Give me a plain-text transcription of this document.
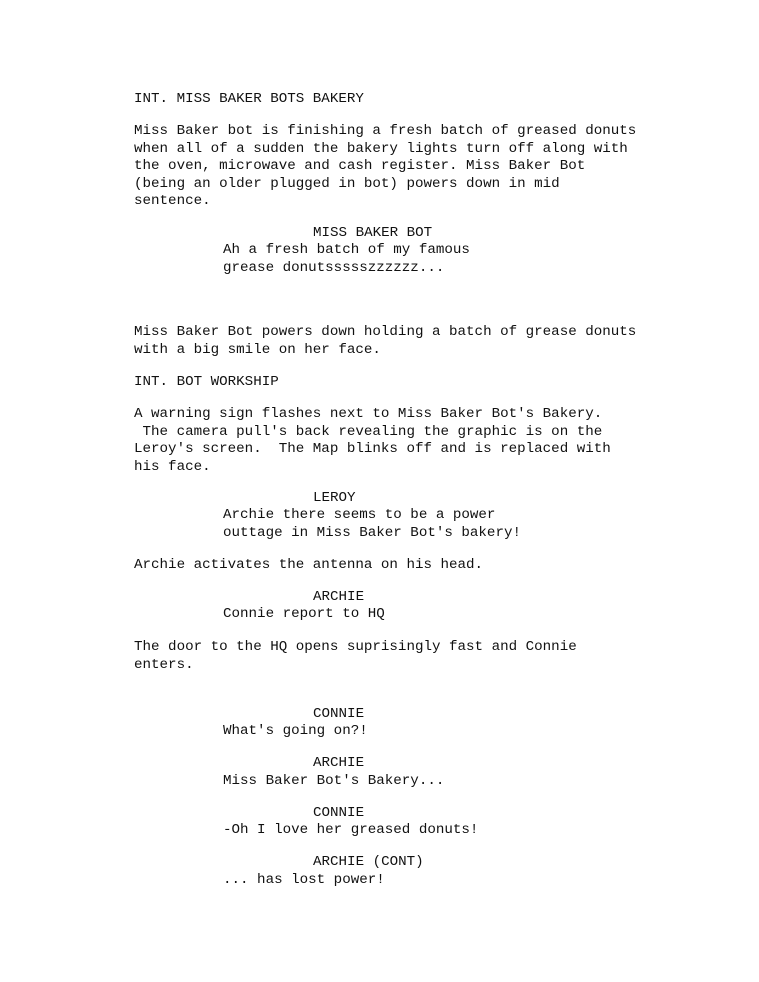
INT. MISS BAKER BOTS BAKERY

Miss Baker bot is finishing a fresh batch of greased donuts
when all of a sudden the bakery lights turn off along with
the oven, microwave and cash register. Miss Baker Bot
(being an older plugged in bot) powers down in mid
sentence.

MISS BAKER BOT

Ah a fresh batch of my famous
grease donutssssszzzzzz...

Miss Baker Bot powers down holding a batch of grease donuts
with a big smile on her face.

INT. BOT WORKSHIP

A warning sign flashes next to Miss Baker Bot's Bakery.
The camera pull's back revealing the graphic is on the
Leroy's screen.  The Map blinks off and is replaced with
his face.

LEROY

Archie there seems to be a power
outtage in Miss Baker Bot's bakery!

Archie activates the antenna on his head.

ARCHIE

Connie report to HQ

The door to the HQ opens suprisingly fast and Connie
enters.

CONNIE

What's going on?!

ARCHIE

Miss Baker Bot's Bakery...

CONNIE

-Oh I love her greased donuts!

ARCHIE (CONT)

... has lost power!
